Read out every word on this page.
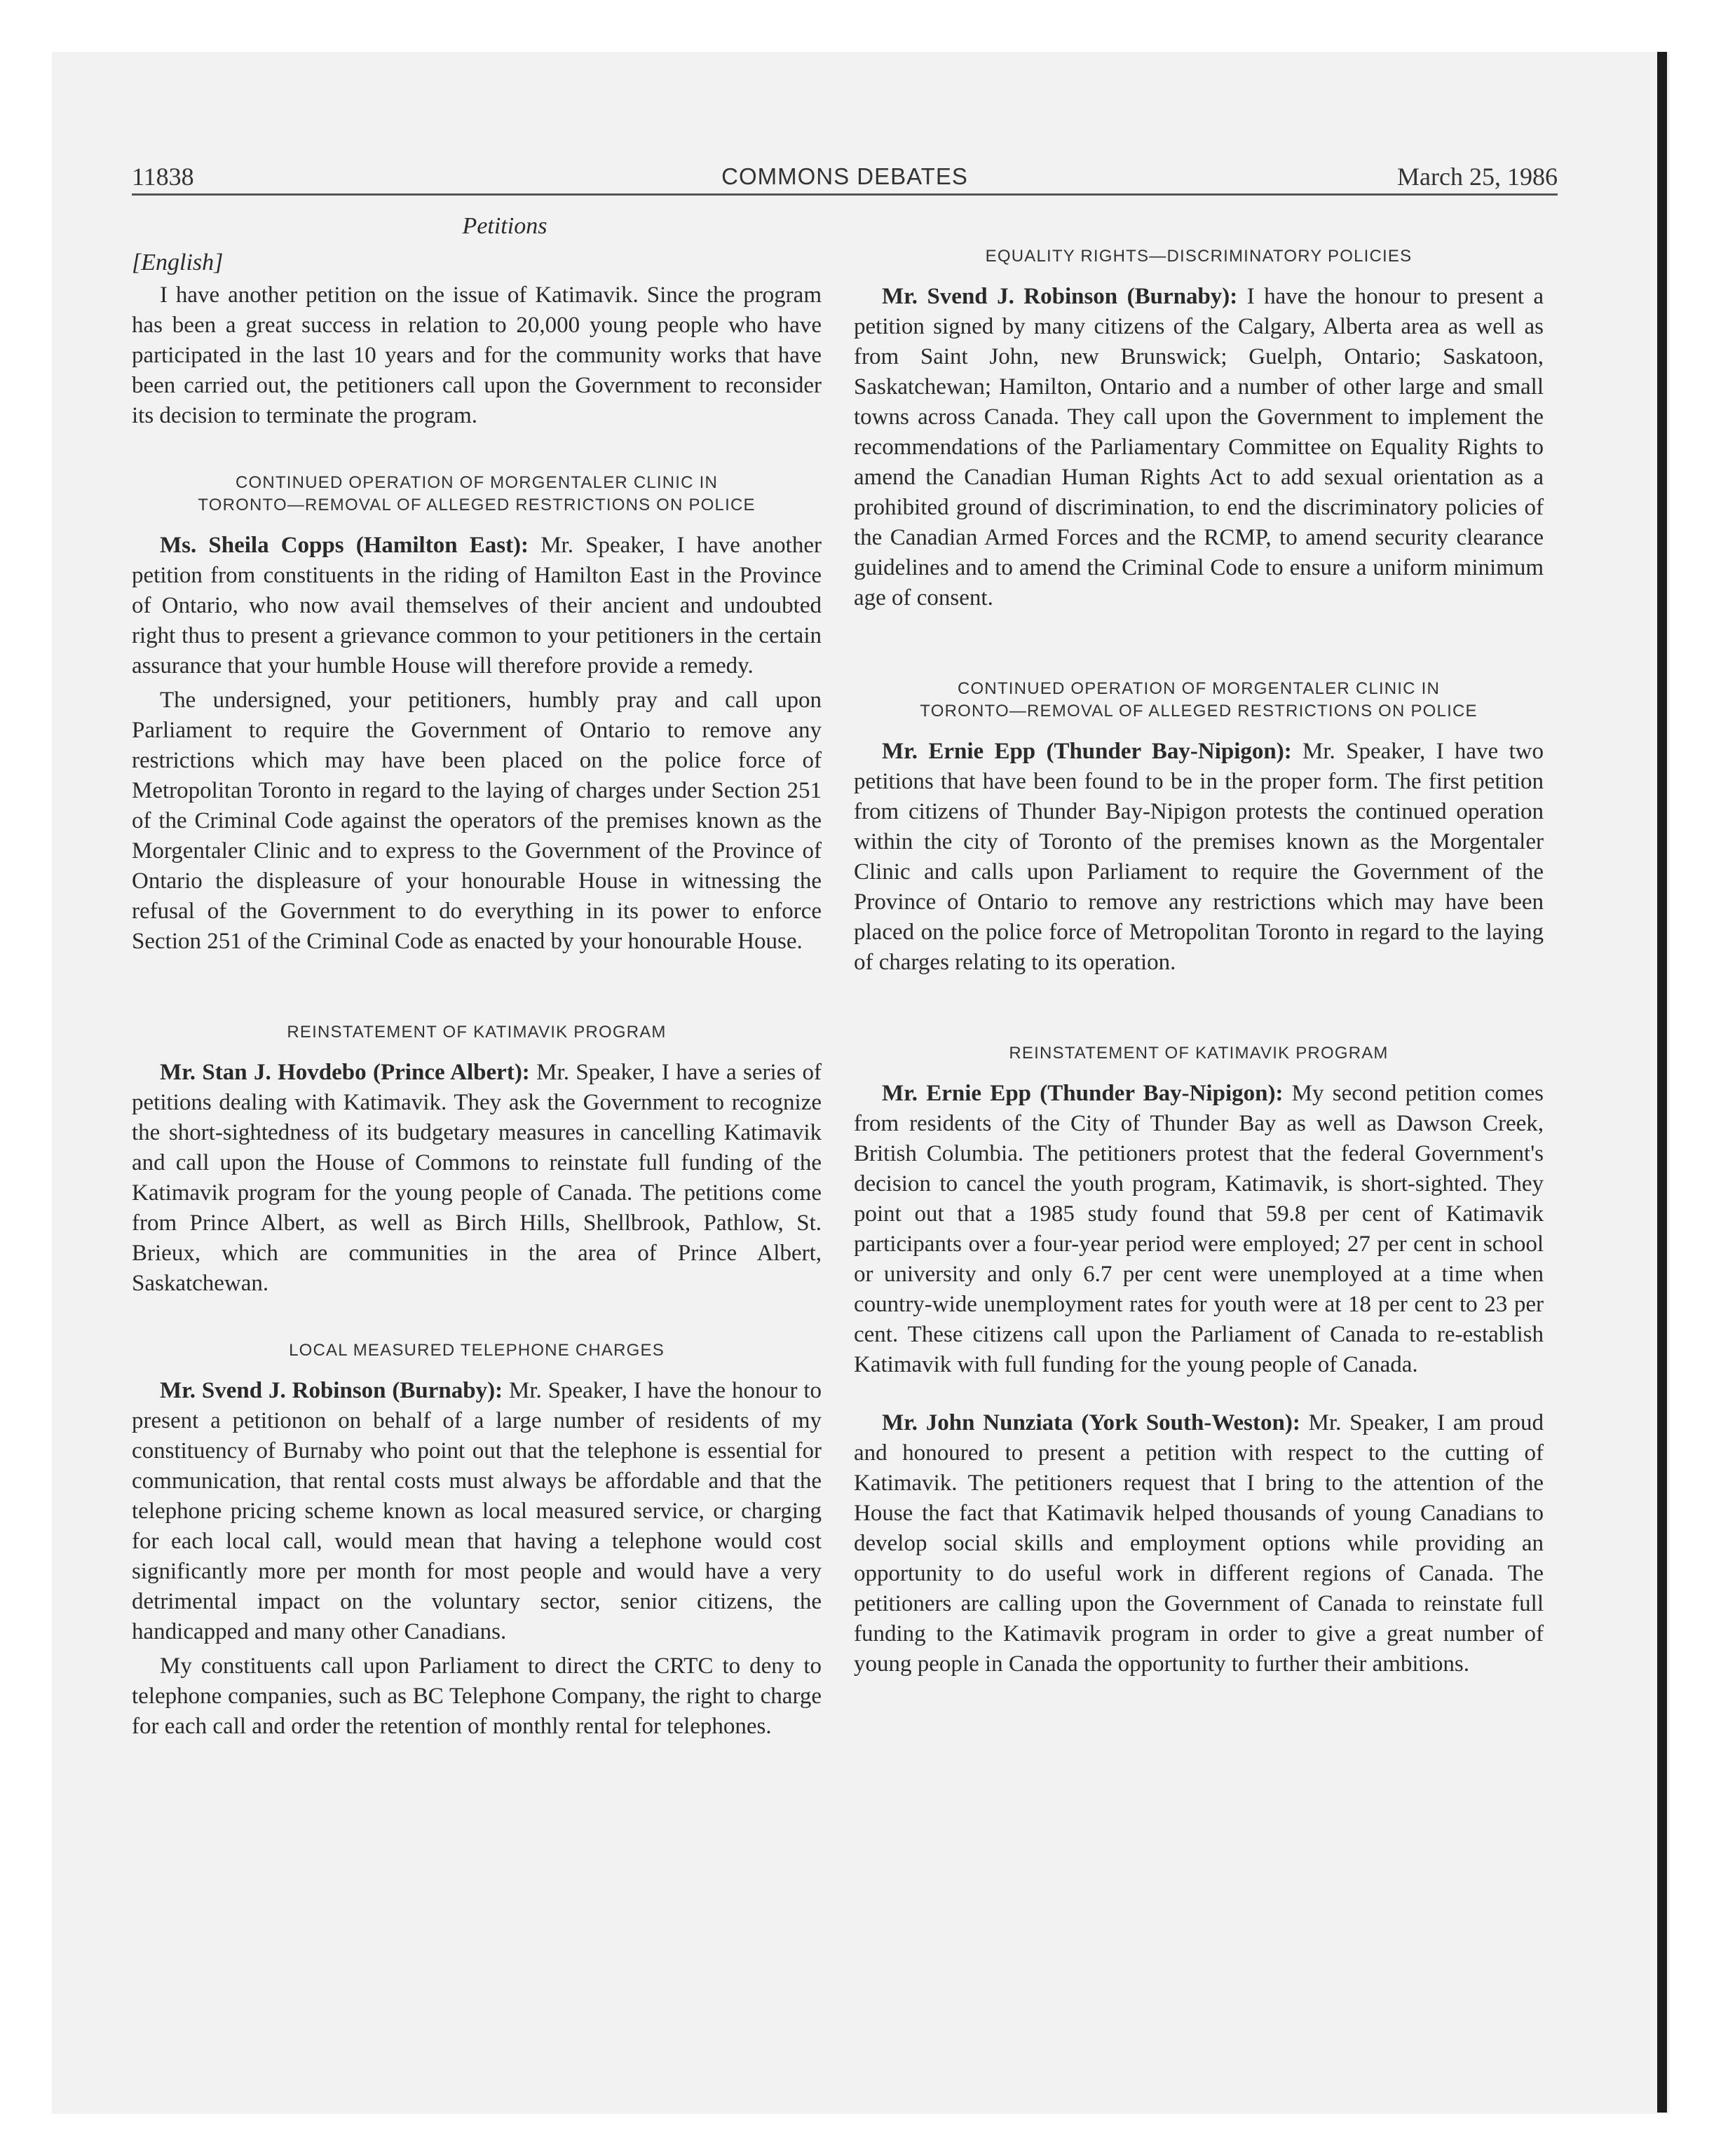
11838	COMMONS DEBATES	March 25, 1986
Petitions
[English]

I have another petition on the issue of Katimavik. Since the program has been a great success in relation to 20,000 young people who have participated in the last 10 years and for the community works that have been carried out, the petitioners call upon the Government to reconsider its decision to terminate the program.

CONTINUED OPERATION OF MORGENTALER CLINIC IN
TORONTO—REMOVAL OF ALLEGED RESTRICTIONS ON POLICE

Ms. Sheila Copps (Hamilton East): Mr. Speaker, I have another petition from constituents in the riding of Hamilton East in the Province of Ontario, who now avail themselves of their ancient and undoubted right thus to present a grievance common to your petitioners in the certain assurance that your humble House will therefore provide a remedy.

The undersigned, your petitioners, humbly pray and call upon Parliament to require the Government of Ontario to remove any restrictions which may have been placed on the police force of Metropolitan Toronto in regard to the laying of charges under Section 251 of the Criminal Code against the operators of the premises known as the Morgentaler Clinic and to express to the Government of the Province of Ontario the displeasure of your honourable House in witnessing the refusal of the Government to do everything in its power to enforce Section 251 of the Criminal Code as enacted by your honourable House.

REINSTATEMENT OF KATIMAVIK PROGRAM

Mr. Stan J. Hovdebo (Prince Albert): Mr. Speaker, I have a series of petitions dealing with Katimavik. They ask the Government to recognize the short-sightedness of its budgetary measures in cancelling Katimavik and call upon the House of Commons to reinstate full funding of the Katimavik program for the young people of Canada. The petitions come from Prince Albert, as well as Birch Hills, Shellbrook, Pathlow, St. Brieux, which are communities in the area of Prince Albert, Saskatchewan.

LOCAL MEASURED TELEPHONE CHARGES

Mr. Svend J. Robinson (Burnaby): Mr. Speaker, I have the honour to present a petitionon on behalf of a large number of residents of my constituency of Burnaby who point out that the telephone is essential for communication, that rental costs must always be affordable and that the telephone pricing scheme known as local measured service, or charging for each local call, would mean that having a telephone would cost significantly more per month for most people and would have a very detrimental impact on the voluntary sector, senior citizens, the handicapped and many other Canadians.

My constituents call upon Parliament to direct the CRTC to deny to telephone companies, such as BC Telephone Company, the right to charge for each call and order the retention of monthly rental for telephones.

EQUALITY RIGHTS—DISCRIMINATORY POLICIES

Mr. Svend J. Robinson (Burnaby): I have the honour to present a petition signed by many citizens of the Calgary, Alberta area as well as from Saint John, new Brunswick; Guelph, Ontario; Saskatoon, Saskatchewan; Hamilton, Ontario and a number of other large and small towns across Canada. They call upon the Government to implement the recommendations of the Parliamentary Committee on Equality Rights to amend the Canadian Human Rights Act to add sexual orientation as a prohibited ground of discrimination, to end the discriminatory policies of the Canadian Armed Forces and the RCMP, to amend security clearance guidelines and to amend the Criminal Code to ensure a uniform minimum age of consent.

CONTINUED OPERATION OF MORGENTALER CLINIC IN
TORONTO—REMOVAL OF ALLEGED RESTRICTIONS ON POLICE

Mr. Ernie Epp (Thunder Bay-Nipigon): Mr. Speaker, I have two petitions that have been found to be in the proper form. The first petition from citizens of Thunder Bay-Nipigon protests the continued operation within the city of Toronto of the premises known as the Morgentaler Clinic and calls upon Parliament to require the Government of the Province of Ontario to remove any restrictions which may have been placed on the police force of Metropolitan Toronto in regard to the laying of charges relating to its operation.

REINSTATEMENT OF KATIMAVIK PROGRAM

Mr. Ernie Epp (Thunder Bay-Nipigon): My second petition comes from residents of the City of Thunder Bay as well as Dawson Creek, British Columbia. The petitioners protest that the federal Government's decision to cancel the youth program, Katimavik, is short-sighted. They point out that a 1985 study found that 59.8 per cent of Katimavik participants over a four-year period were employed; 27 per cent in school or university and only 6.7 per cent were unemployed at a time when country-wide unemployment rates for youth were at 18 per cent to 23 per cent. These citizens call upon the Parliament of Canada to re-establish Katimavik with full funding for the young people of Canada.

Mr. John Nunziata (York South-Weston): Mr. Speaker, I am proud and honoured to present a petition with respect to the cutting of Katimavik. The petitioners request that I bring to the attention of the House the fact that Katimavik helped thousands of young Canadians to develop social skills and employment options while providing an opportunity to do useful work in different regions of Canada. The petitioners are calling upon the Government of Canada to reinstate full funding to the Katimavik program in order to give a great number of young people in Canada the opportunity to further their ambitions.
